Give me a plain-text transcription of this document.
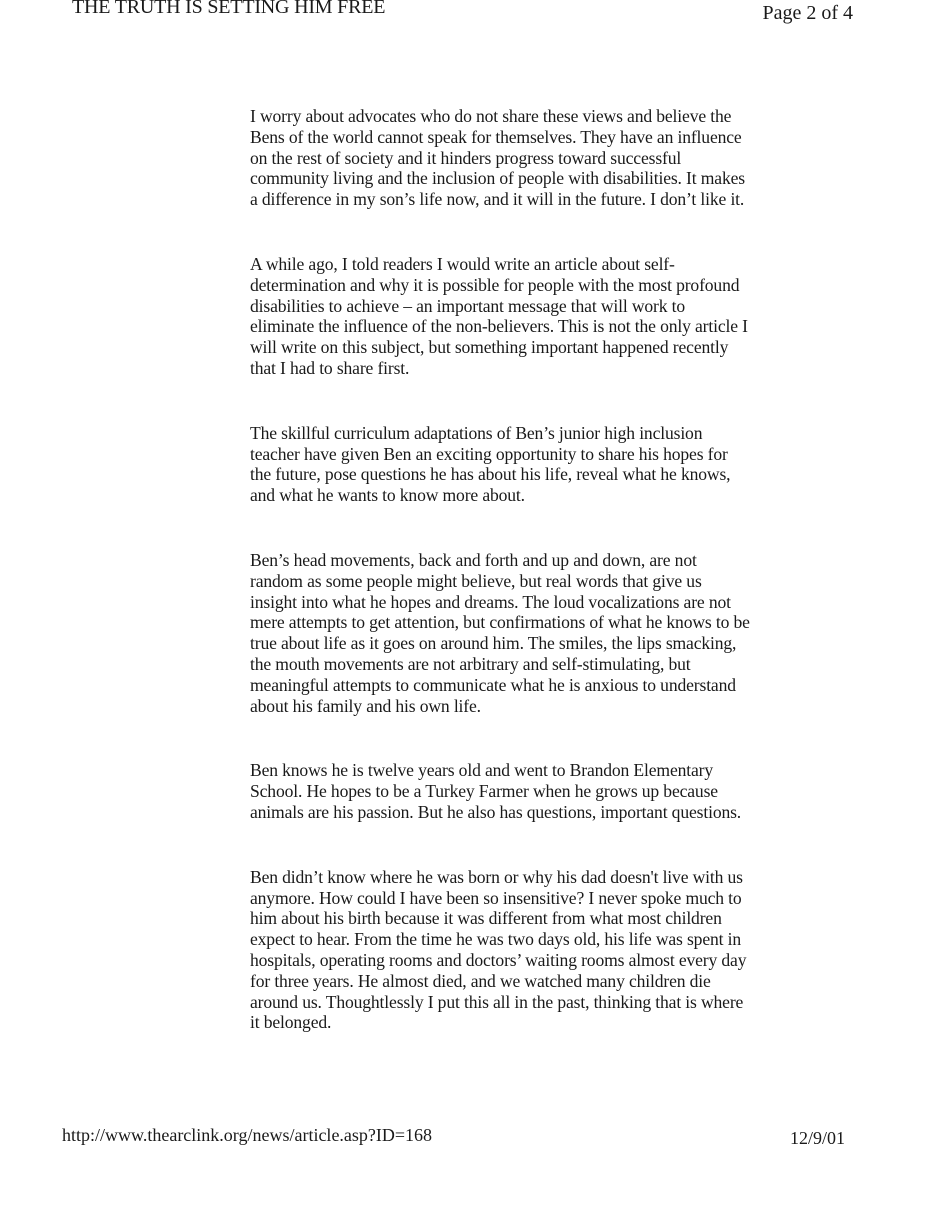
THE TRUTH IS SETTING HIM FREE	Page 2 of 4

I worry about advocates who do not share these views and believe the Bens of the world cannot speak for themselves. They have an influence on the rest of society and it hinders progress toward successful community living and the inclusion of people with disabilities. It makes a difference in my son’s life now, and it will in the future. I don’t like it.

A while ago, I told readers I would write an article about self-determination and why it is possible for people with the most profound disabilities to achieve – an important message that will work to eliminate the influence of the non-believers. This is not the only article I will write on this subject, but something important happened recently that I had to share first.

The skillful curriculum adaptations of Ben’s junior high inclusion teacher have given Ben an exciting opportunity to share his hopes for the future, pose questions he has about his life, reveal what he knows, and what he wants to know more about.

Ben’s head movements, back and forth and up and down, are not random as some people might believe, but real words that give us insight into what he hopes and dreams. The loud vocalizations are not mere attempts to get attention, but confirmations of what he knows to be true about life as it goes on around him. The smiles, the lips smacking, the mouth movements are not arbitrary and self-stimulating, but meaningful attempts to communicate what he is anxious to understand about his family and his own life.

Ben knows he is twelve years old and went to Brandon Elementary School. He hopes to be a Turkey Farmer when he grows up because animals are his passion. But he also has questions, important questions.

Ben didn’t know where he was born or why his dad doesn't live with us anymore. How could I have been so insensitive? I never spoke much to him about his birth because it was different from what most children expect to hear. From the time he was two days old, his life was spent in hospitals, operating rooms and doctors’ waiting rooms almost every day for three years. He almost died, and we watched many children die around us. Thoughtlessly I put this all in the past, thinking that is where it belonged.

http://www.thearclink.org/news/article.asp?ID=168	12/9/01
